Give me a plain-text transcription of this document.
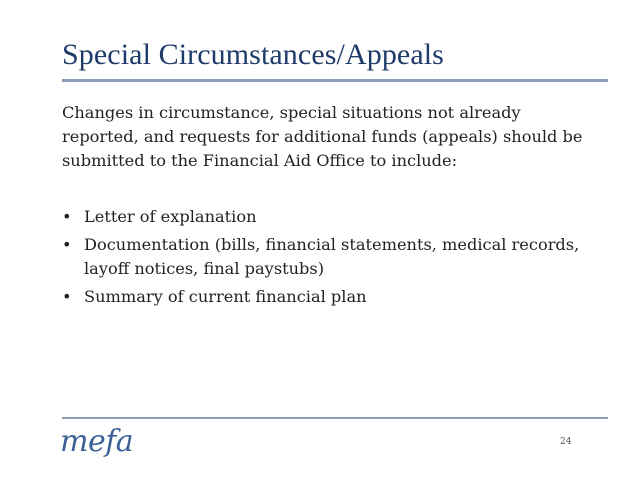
Special Circumstances/Appeals
Changes in circumstance, special situations not already reported, and requests for additional funds (appeals) should be submitted to the Financial Aid Office to include:
• Letter of explanation
• Documentation (bills, financial statements, medical records, layoff notices, final paystubs)
• Summary of current financial plan
mefa	24
